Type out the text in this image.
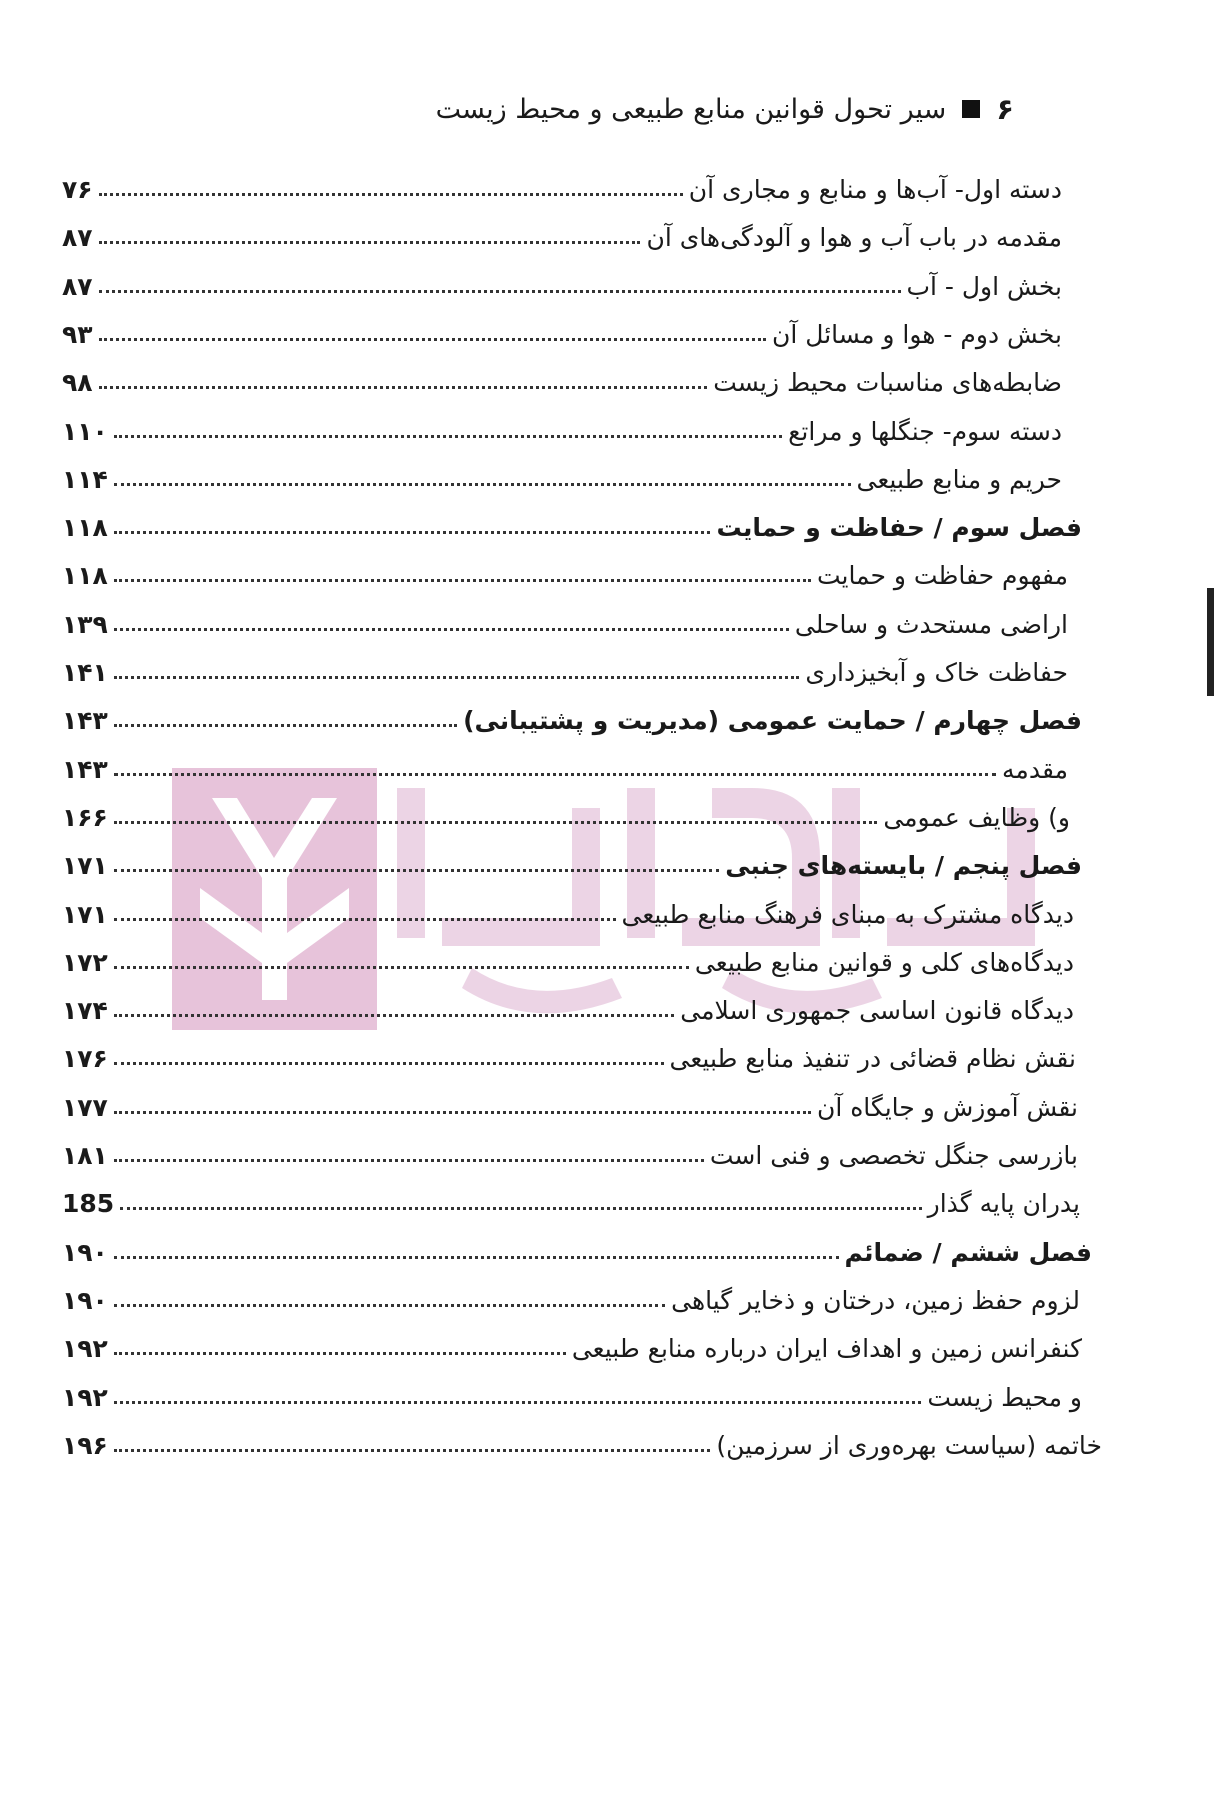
۶
سیر تحول قوانین منابع طبیعی و محیط زیست
دسته اول- آب‌ها و منابع و مجاری آن
۷۶
مقدمه در باب آب و هوا و آلودگی‌های آن
۸۷
بخش اول - آب
۸۷
بخش دوم - هوا و مسائل آن
۹۳
ضابطه‌های مناسبات محیط زیست
۹۸
دسته سوم- جنگلها و مراتع
۱۱۰
حریم و منابع طبیعی
۱۱۴
فصل سوم / حفاظت و حمایت
۱۱۸
مفهوم حفاظت و حمایت
۱۱۸
اراضی مستحدث و ساحلی
۱۳۹
حفاظت خاک و آبخیزداری
۱۴۱
فصل چهارم / حمایت عمومی (مدیریت و پشتیبانی)
۱۴۳
مقدمه
۱۴۳
و) وظایف عمومی
۱۶۶
فصل پنجم / بایسته‌های جنبی
۱۷۱
دیدگاه مشترک به مبنای فرهنگ منابع طبیعی
۱۷۱
دیدگاه‌های کلی و قوانین منابع طبیعی
۱۷۲
دیدگاه قانون اساسی جمهوری اسلامی
۱۷۴
نقش نظام قضائی در تنفیذ منابع طبیعی
۱۷۶
نقش آموزش و جایگاه آن
۱۷۷
بازرسی جنگل تخصصی و فنی است
۱۸۱
پدران پایه گذار
185
فصل ششم / ضمائم
۱۹۰
لزوم حفظ زمین، درختان و ذخایر گیاهی
۱۹۰
کنفرانس زمین و اهداف ایران درباره منابع طبیعی
۱۹۲
و محیط زیست
۱۹۲
خاتمه (سیاست بهره‌وری از سرزمین)
۱۹۶
